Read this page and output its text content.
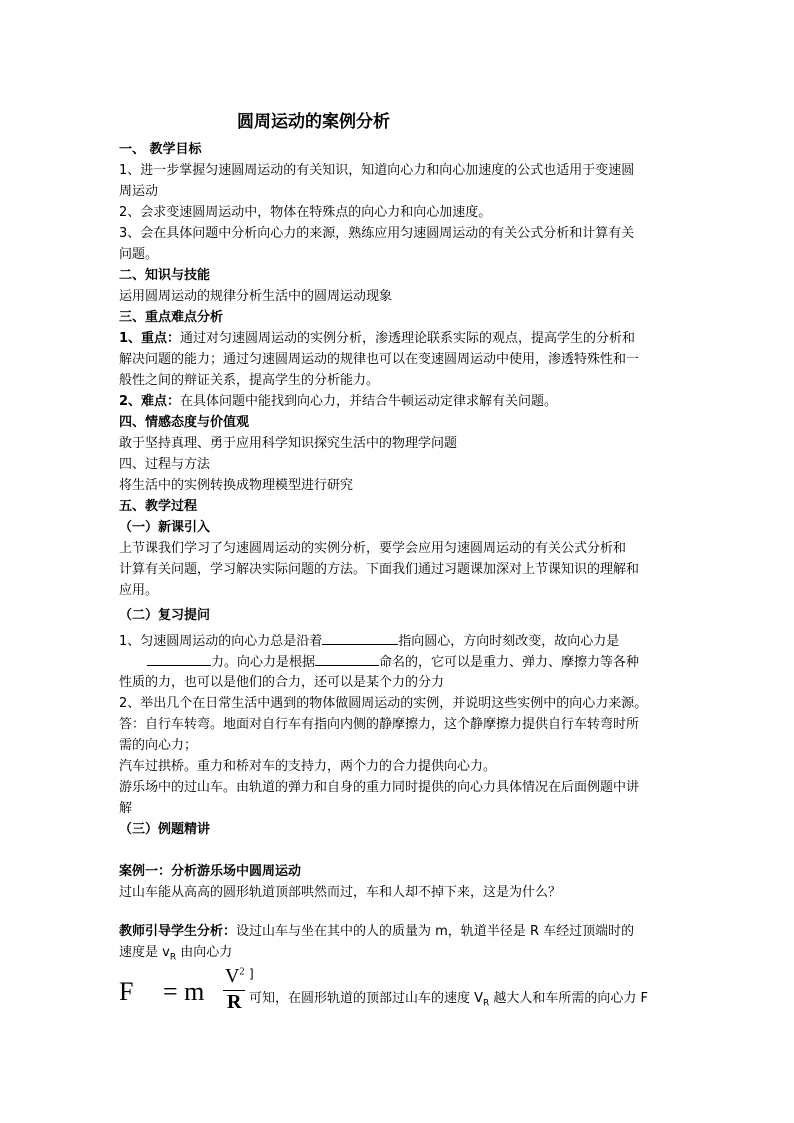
圆周运动的案例分析
一、 教学目标
1、进一步掌握匀速圆周运动的有关知识，知道向心力和向心加速度的公式也适用于变速圆
周运动
2、会求变速圆周运动中，物体在特殊点的向心力和向心加速度。
3、会在具体问题中分析向心力的来源，熟练应用匀速圆周运动的有关公式分析和计算有关
问题。
二、知识与技能
运用圆周运动的规律分析生活中的圆周运动现象
三、重点难点分析
1、重点：通过对匀速圆周运动的实例分析，渗透理论联系实际的观点，提高学生的分析和
解决问题的能力；通过匀速圆周运动的规律也可以在变速圆周运动中使用，渗透特殊性和一
般性之间的辩证关系，提高学生的分析能力。
2、难点：在具体问题中能找到向心力，并结合牛顿运动定律求解有关问题。
四、情感态度与价值观
敢于坚持真理、勇于应用科学知识探究生活中的物理学问题
四、过程与方法
将生活中的实例转换成物理模型进行研究
五、教学过程
（一）新课引入
上节课我们学习了匀速圆周运动的实例分析，要学会应用匀速圆周运动的有关公式分析和
计算有关问题，学习解决实际问题的方法。下面我们通过习题课加深对上节课知识的理解和
应用。
（二）复习提问
1、匀速圆周运动的向心力总是沿着	指向圆心，方向时刻改变，故向心力是
力。向心力是根据	命名的，它可以是重力、弹力、摩擦力等各种
性质的力，也可以是他们的合力，还可以是某个力的分力
2、举出几个在日常生活中遇到的物体做圆周运动的实例，并说明这些实例中的向心力来源。
答：自行车转弯。地面对自行车有指向内侧的静摩擦力，这个静摩擦力提供自行车转弯时所
需的向心力；
汽车过拱桥。重力和桥对车的支持力，两个力的合力提供向心力。
游乐场中的过山车。由轨道的弹力和自身的重力同时提供的向心力具体情况在后面例题中讲
解
（三）例题精讲
案例一：分析游乐场中圆周运动
过山车能从高高的圆形轨道顶部哄然而过，车和人却不掉下来，这是为什么？
教师引导学生分析：设过山车与坐在其中的人的质量为 m，轨道半径是 R 车经过顶端时的
速度是 $v_R$ 由向心力
F = m
$V^2$ ]
R 可知，在圆形轨道的顶部过山车的速度 $V_R$ 越大人和车所需的向心力 F
